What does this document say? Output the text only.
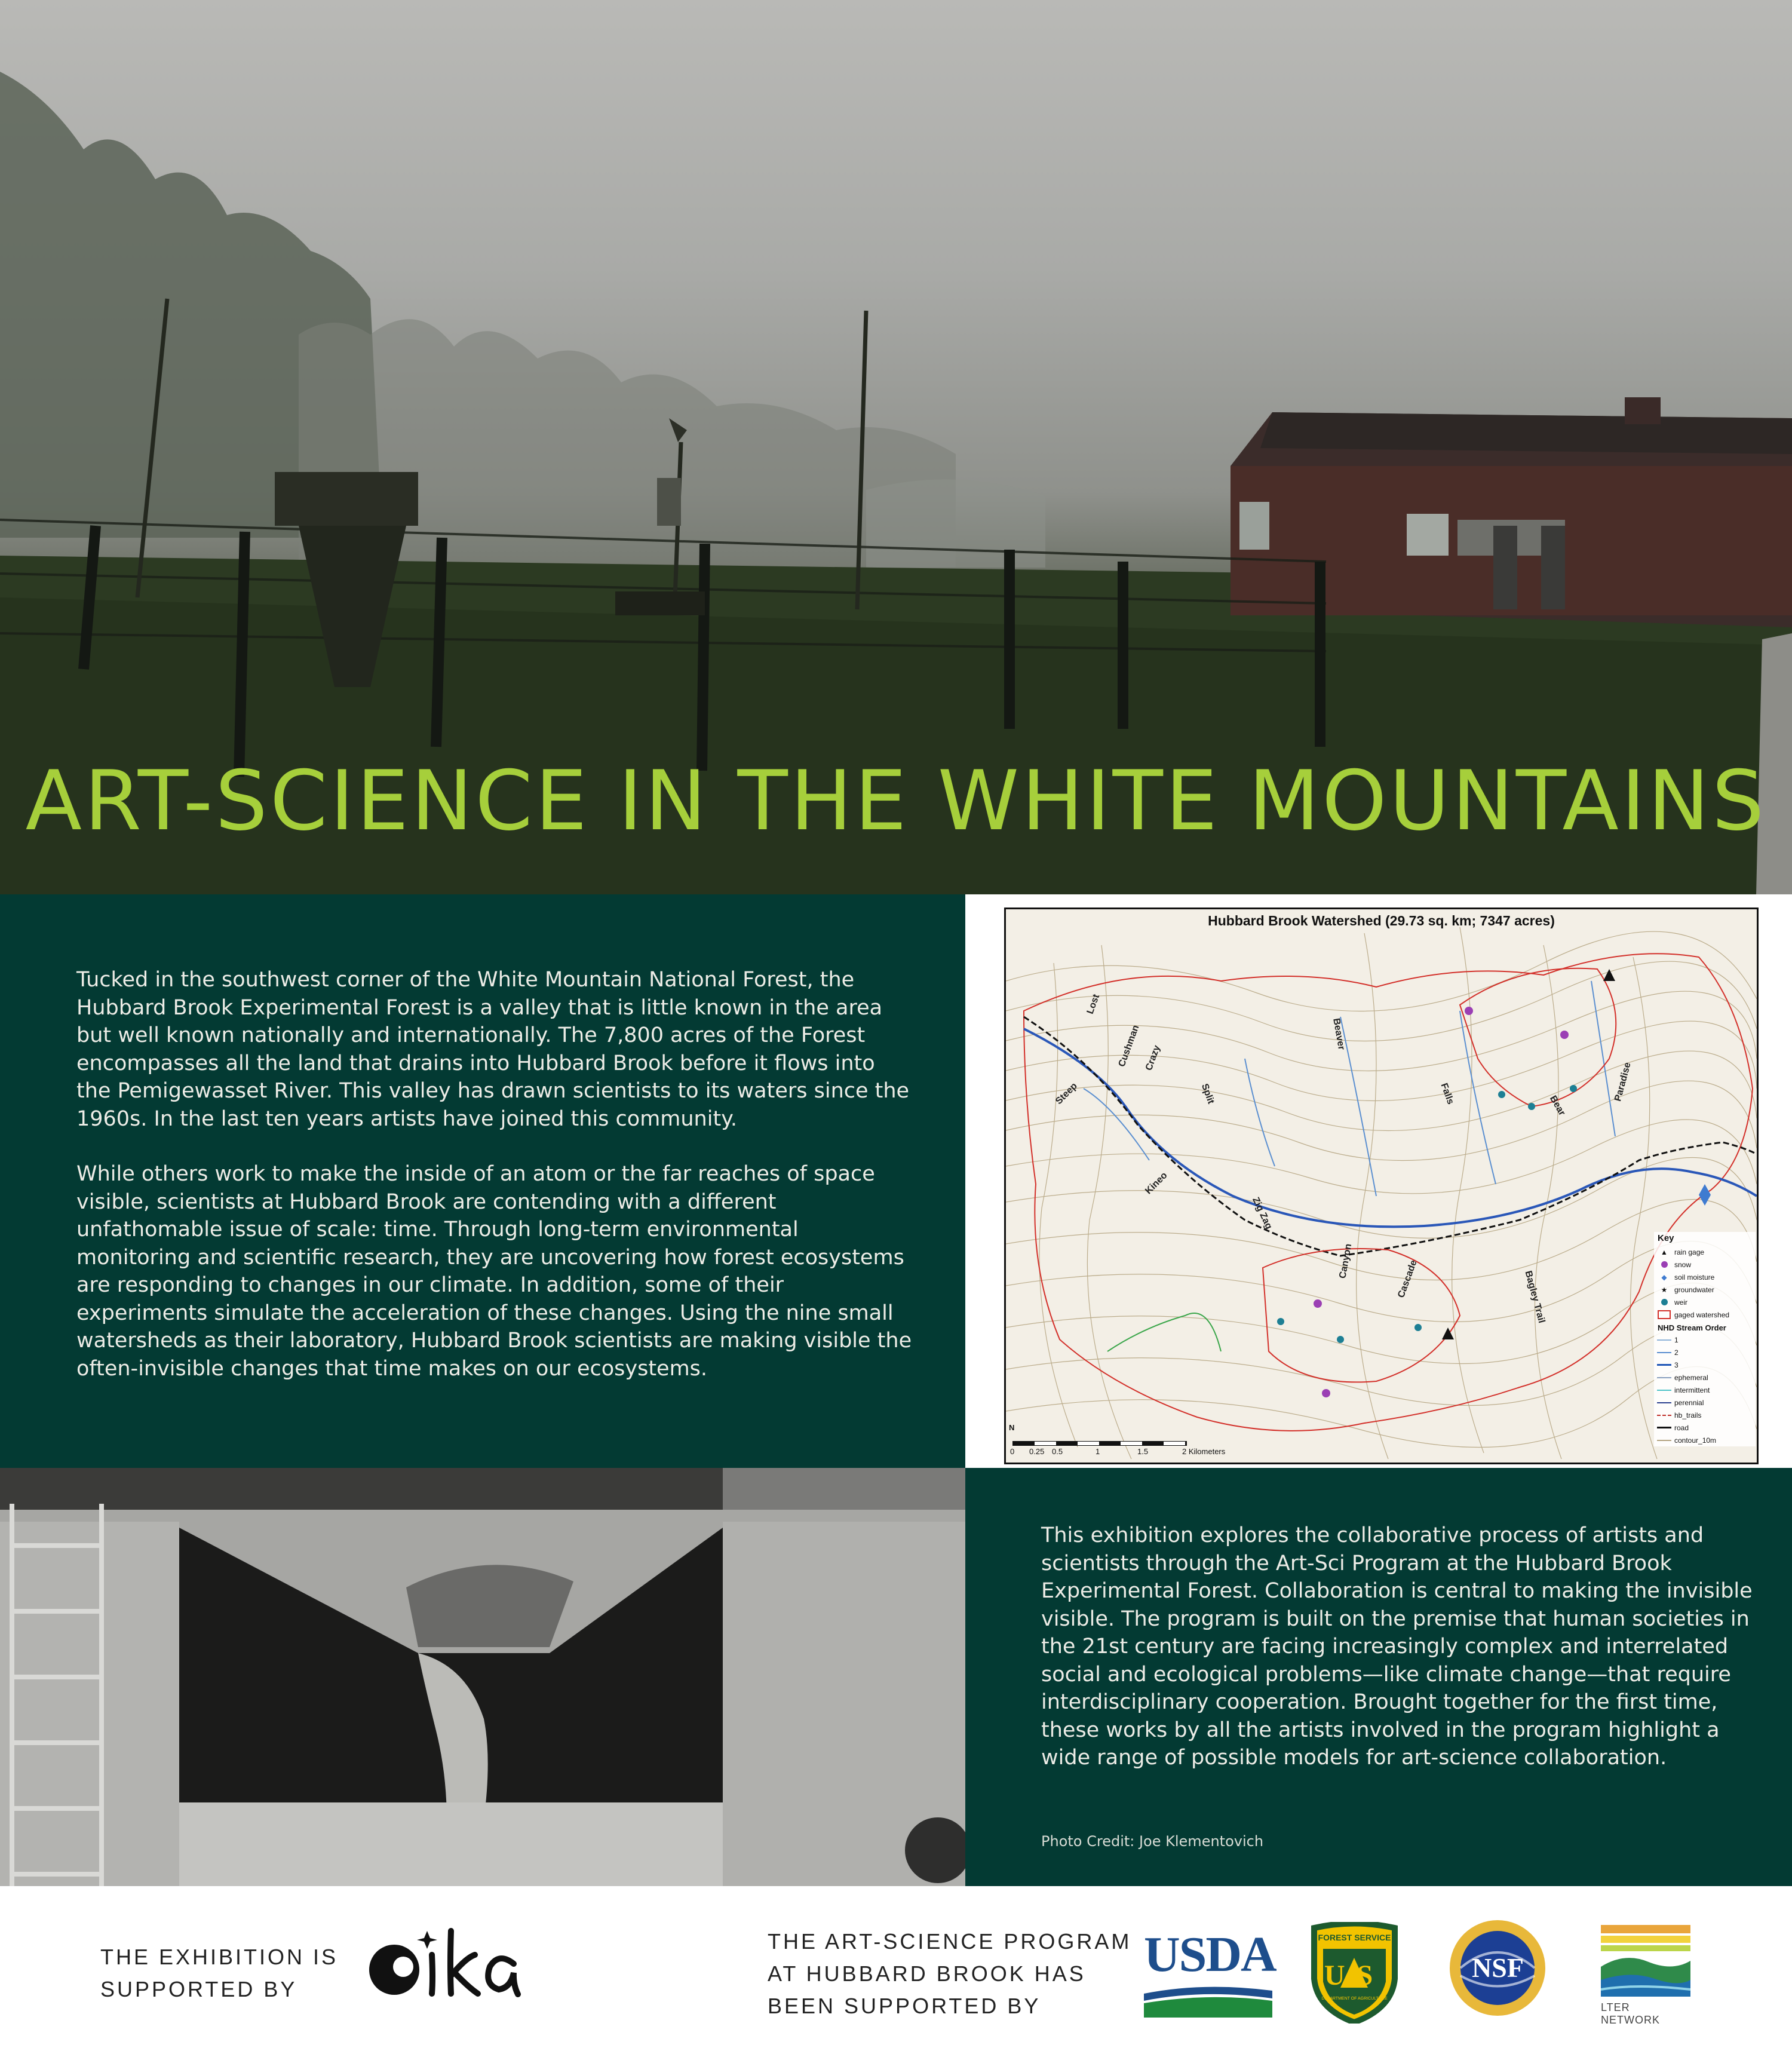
ART-SCIENCE IN THE WHITE MOUNTAINS

Tucked in the southwest corner of the White Mountain National Forest, the Hubbard Brook Experimental Forest is a valley that is little known in the area but well known nationally and internationally. The 7,800 acres of the Forest encompasses all the land that drains into Hubbard Brook before it flows into the Pemigewasset River. This valley has drawn scientists to its waters since the 1960s. In the last ten years artists have joined this community.

While others work to make the inside of an atom or the far reaches of space visible, scientists at Hubbard Brook are contending with a different unfathomable issue of scale: time. Through long-term environmental monitoring and scientific research, they are uncovering how forest ecosystems are responding to changes in our climate. In addition, some of their experiments simulate the acceleration of these changes. Using the nine small watersheds as their laboratory, Hubbard Brook scientists are making visible the often-invisible changes that time makes on our ecosystems.

Hubbard Brook Watershed (29.73 sq. km; 7347 acres)
Lost
Cushman Crazy
Steep	Split
Kineo
Zig Zag
Beaver
Falls	Bear
Paradise
Cascade
Canyon
Bagley Trail
Key
▲ rain gage
snow
◆	soil moisture
★ groundwater
weir
gaged watershed
NHD Stream Order
1
2
3
ephemeral
intermittent
perennial
hb_trails
road
contour_10m
N
0 0.25 0.5	1	1.5	2 Kilometers

This exhibition explores the collaborative process of artists and scientists through the Art-Sci Program at the Hubbard Brook Experimental Forest. Collaboration is central to making the invisible visible. The program is built on the premise that human societies in the 21st century are facing increasingly complex and interrelated social and ecological problems—like climate change—that require interdisciplinary cooperation. Brought together for the first time, these works by all the artists involved in the program highlight a wide range of possible models for art-science collaboration.

Photo Credit: Joe Klementovich

THE EXHIBITION IS SUPPORTED BY

THE ART-SCIENCE PROGRAM AT HUBBARD BROOK HAS BEEN SUPPORTED BY

USDA	FOREST SERVICE
US
DEPARTMENT OF AGRICULTURE
NSF
LTER NETWORK
